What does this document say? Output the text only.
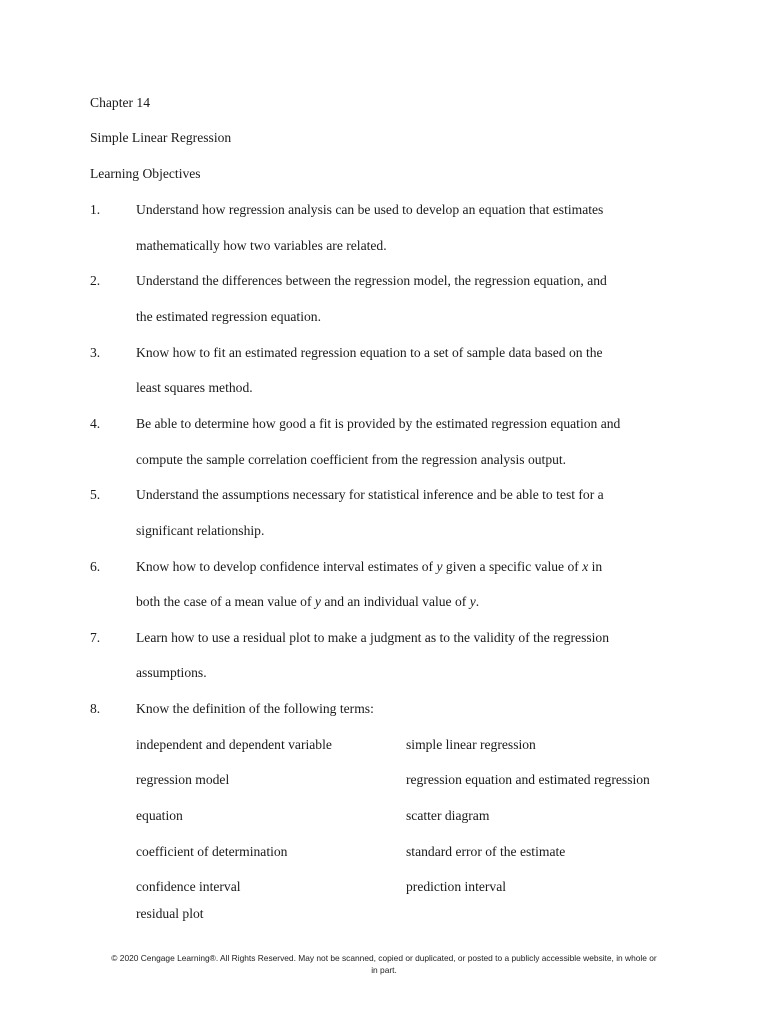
Chapter 14
Simple Linear Regression
Learning Objectives
1.	Understand how regression analysis can be used to develop an equation that estimates
mathematically how two variables are related.
2.	Understand the differences between the regression model, the regression equation, and
the estimated regression equation.
3.	Know how to fit an estimated regression equation to a set of sample data based on the
least squares method.
4.	Be able to determine how good a fit is provided by the estimated regression equation and
compute the sample correlation coefficient from the regression analysis output.
5.	Understand the assumptions necessary for statistical inference and be able to test for a
significant relationship.
6.	Know how to develop confidence interval estimates of y given a specific value of x in
both the case of a mean value of y and an individual value of y.
7.	Learn how to use a residual plot to make a judgment as to the validity of the regression
assumptions.
8.	Know the definition of the following terms:
independent and dependent variable	simple linear regression
regression model	regression equation and estimated regression
equation	scatter diagram
coefficient of determination	standard error of the estimate
confidence interval	prediction interval
residual plot
© 2020 Cengage Learning®. All Rights Reserved. May not be scanned, copied or duplicated, or posted to a publicly accessible website, in whole or
in part.
